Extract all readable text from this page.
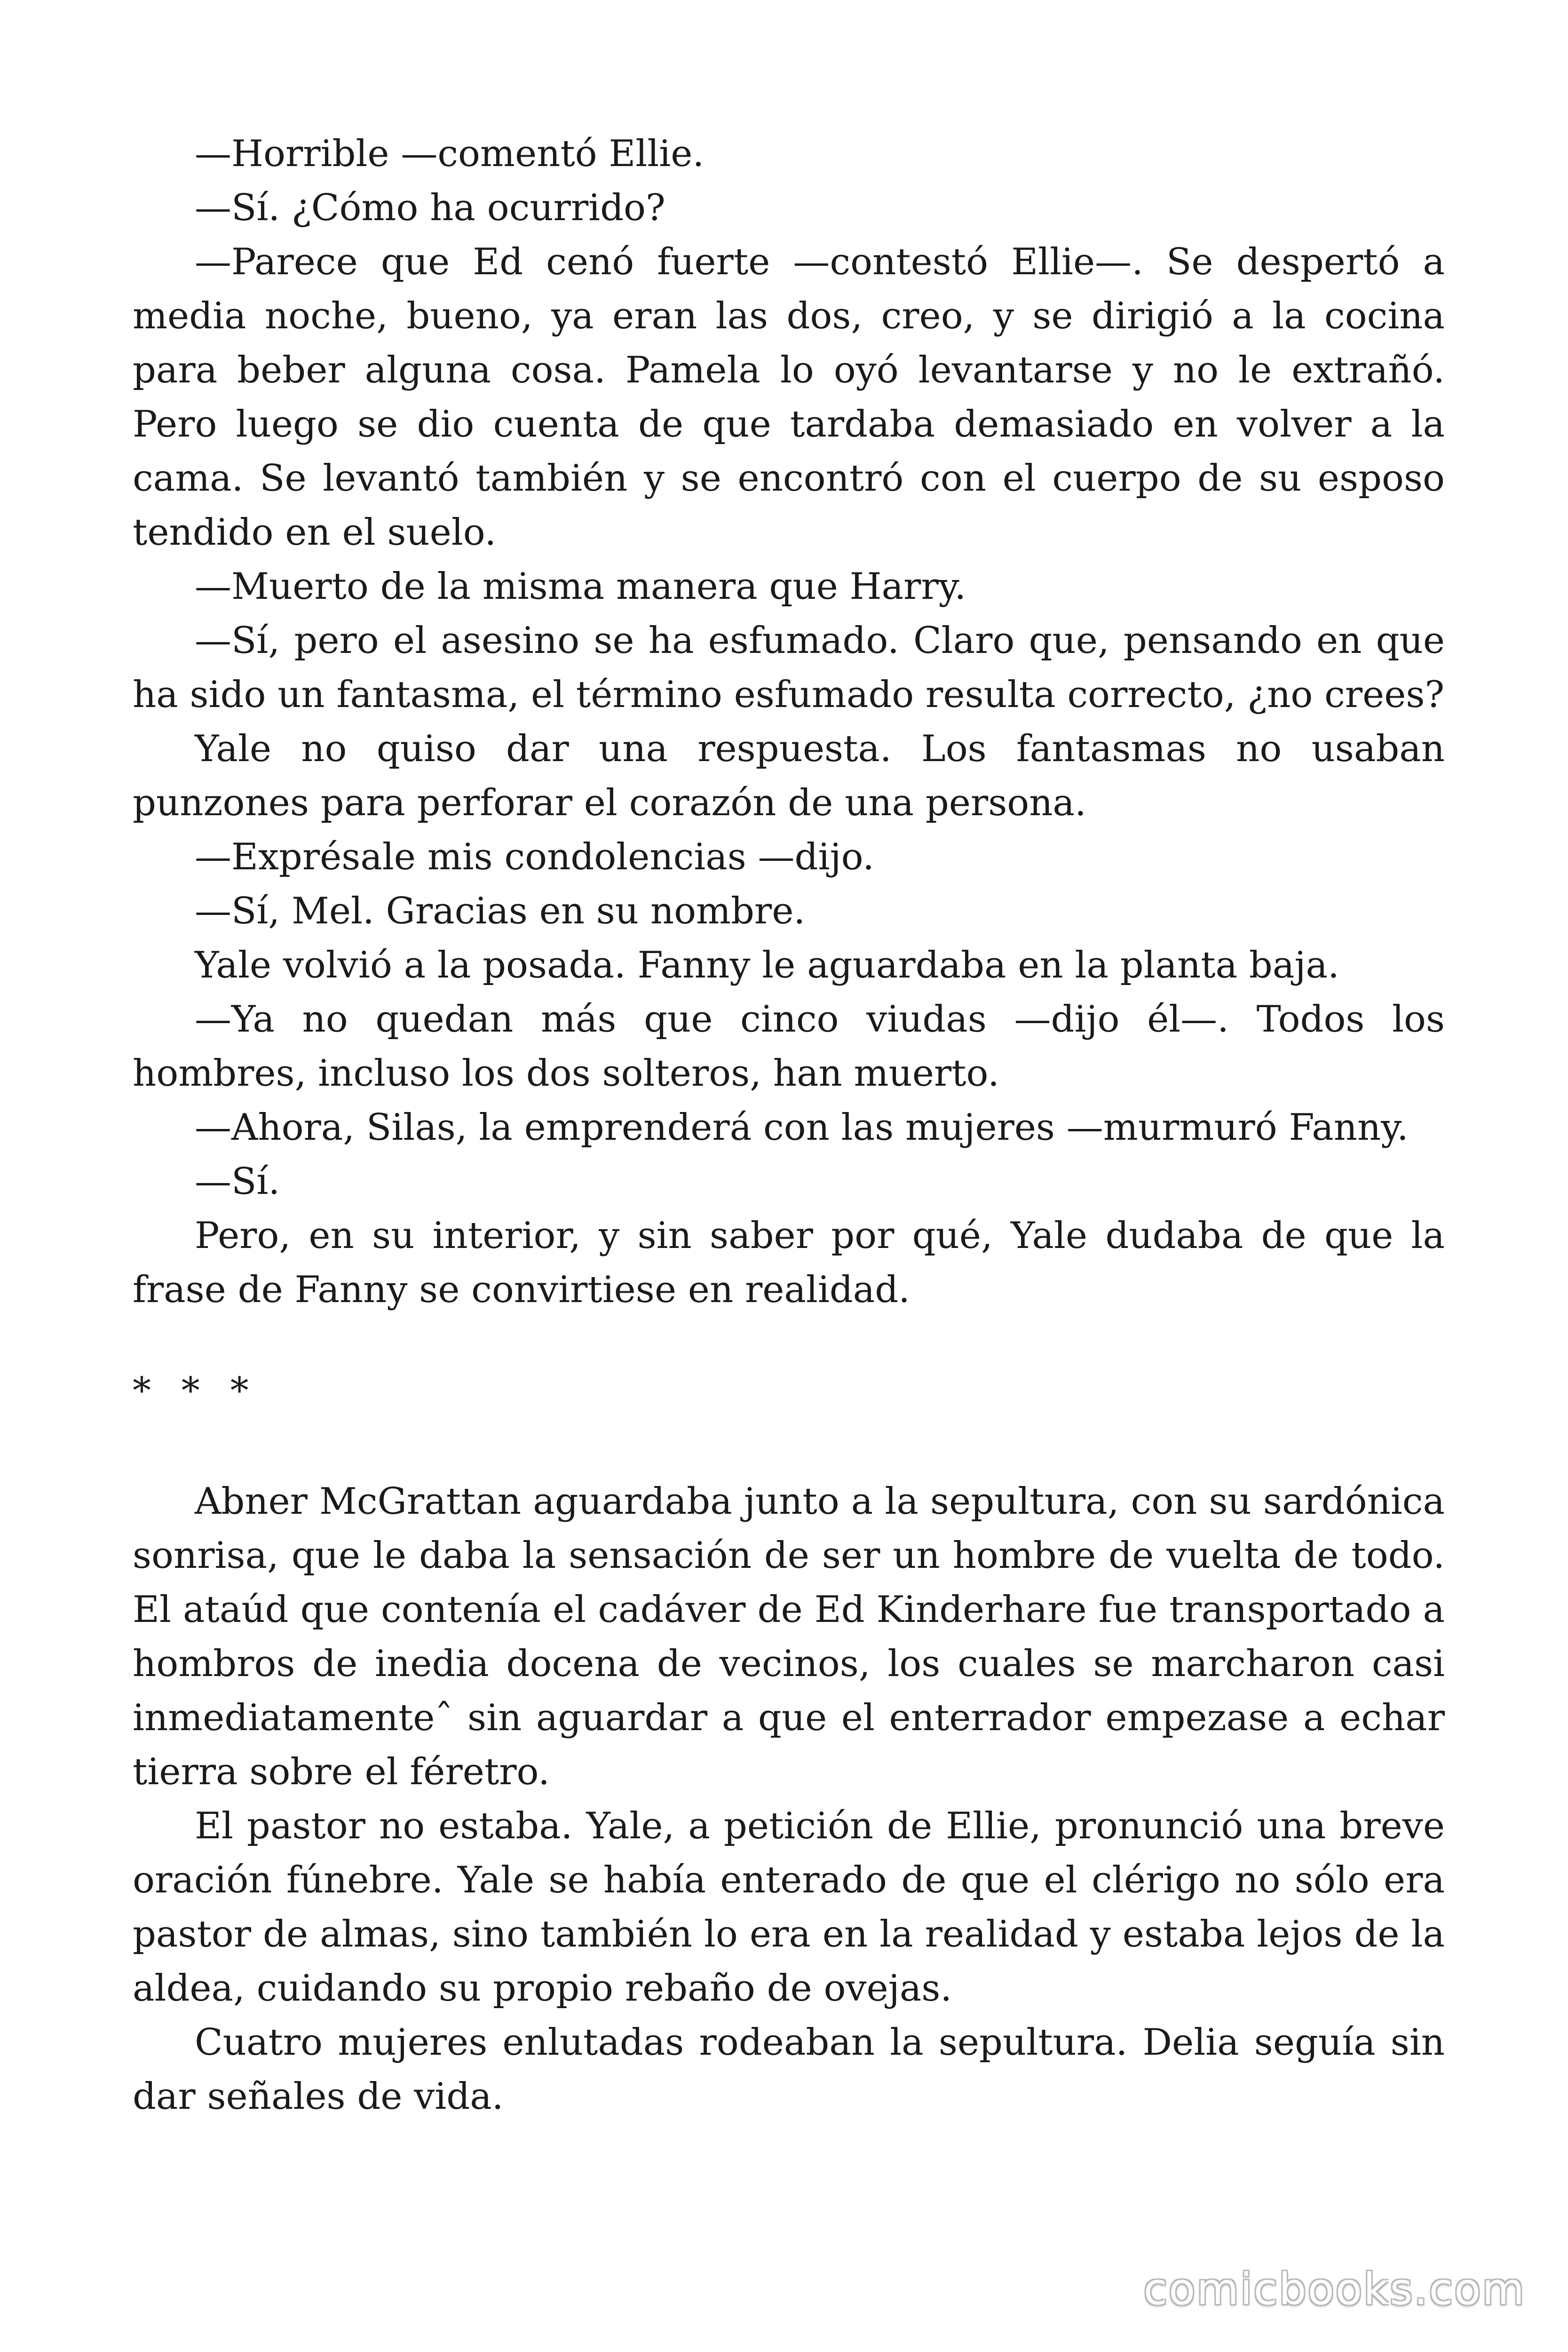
—Horrible —comentó Ellie.

—Sí. ¿Cómo ha ocurrido?

—Parece que Ed cenó fuerte —contestó Ellie—. Se despertó a media noche, bueno, ya eran las dos, creo, y se dirigió a la cocina para beber alguna cosa. Pamela lo oyó levantarse y no le extrañó. Pero luego se dio cuenta de que tardaba demasiado en volver a la cama. Se levantó también y se encontró con el cuerpo de su esposo tendido en el suelo.

—Muerto de la misma manera que Harry.

—Sí, pero el asesino se ha esfumado. Claro que, pensando en que ha sido un fantasma, el término esfumado resulta correcto, ¿no crees?

Yale no quiso dar una respuesta. Los fantasmas no usaban punzones para perforar el corazón de una persona.

—Exprésale mis condolencias —dijo.

—Sí, Mel. Gracias en su nombre.

Yale volvió a la posada. Fanny le aguardaba en la planta baja.

—Ya no quedan más que cinco viudas —dijo él—. Todos los hombres, incluso los dos solteros, han muerto.

—Ahora, Silas, la emprenderá con las mujeres —murmuró Fanny.

—Sí.

Pero, en su interior, y sin saber por qué, Yale dudaba de que la frase de Fanny se convirtiese en realidad.

* * *

Abner McGrattan aguardaba junto a la sepultura, con su sardónica sonrisa, que le daba la sensación de ser un hombre de vuelta de todo. El ataúd que contenía el cadáver de Ed Kinderhare fue transportado a hombros de inedia docena de vecinos, los cuales se marcharon casi inmediatamenteˆ sin aguardar a que el enterrador empezase a echar tierra sobre el féretro.

El pastor no estaba. Yale, a petición de Ellie, pronunció una breve oración fúnebre. Yale se había enterado de que el clérigo no sólo era pastor de almas, sino también lo era en la realidad y estaba lejos de la aldea, cuidando su propio rebaño de ovejas.

Cuatro mujeres enlutadas rodeaban la sepultura. Delia seguía sin dar señales de vida.

comicbooks.com
